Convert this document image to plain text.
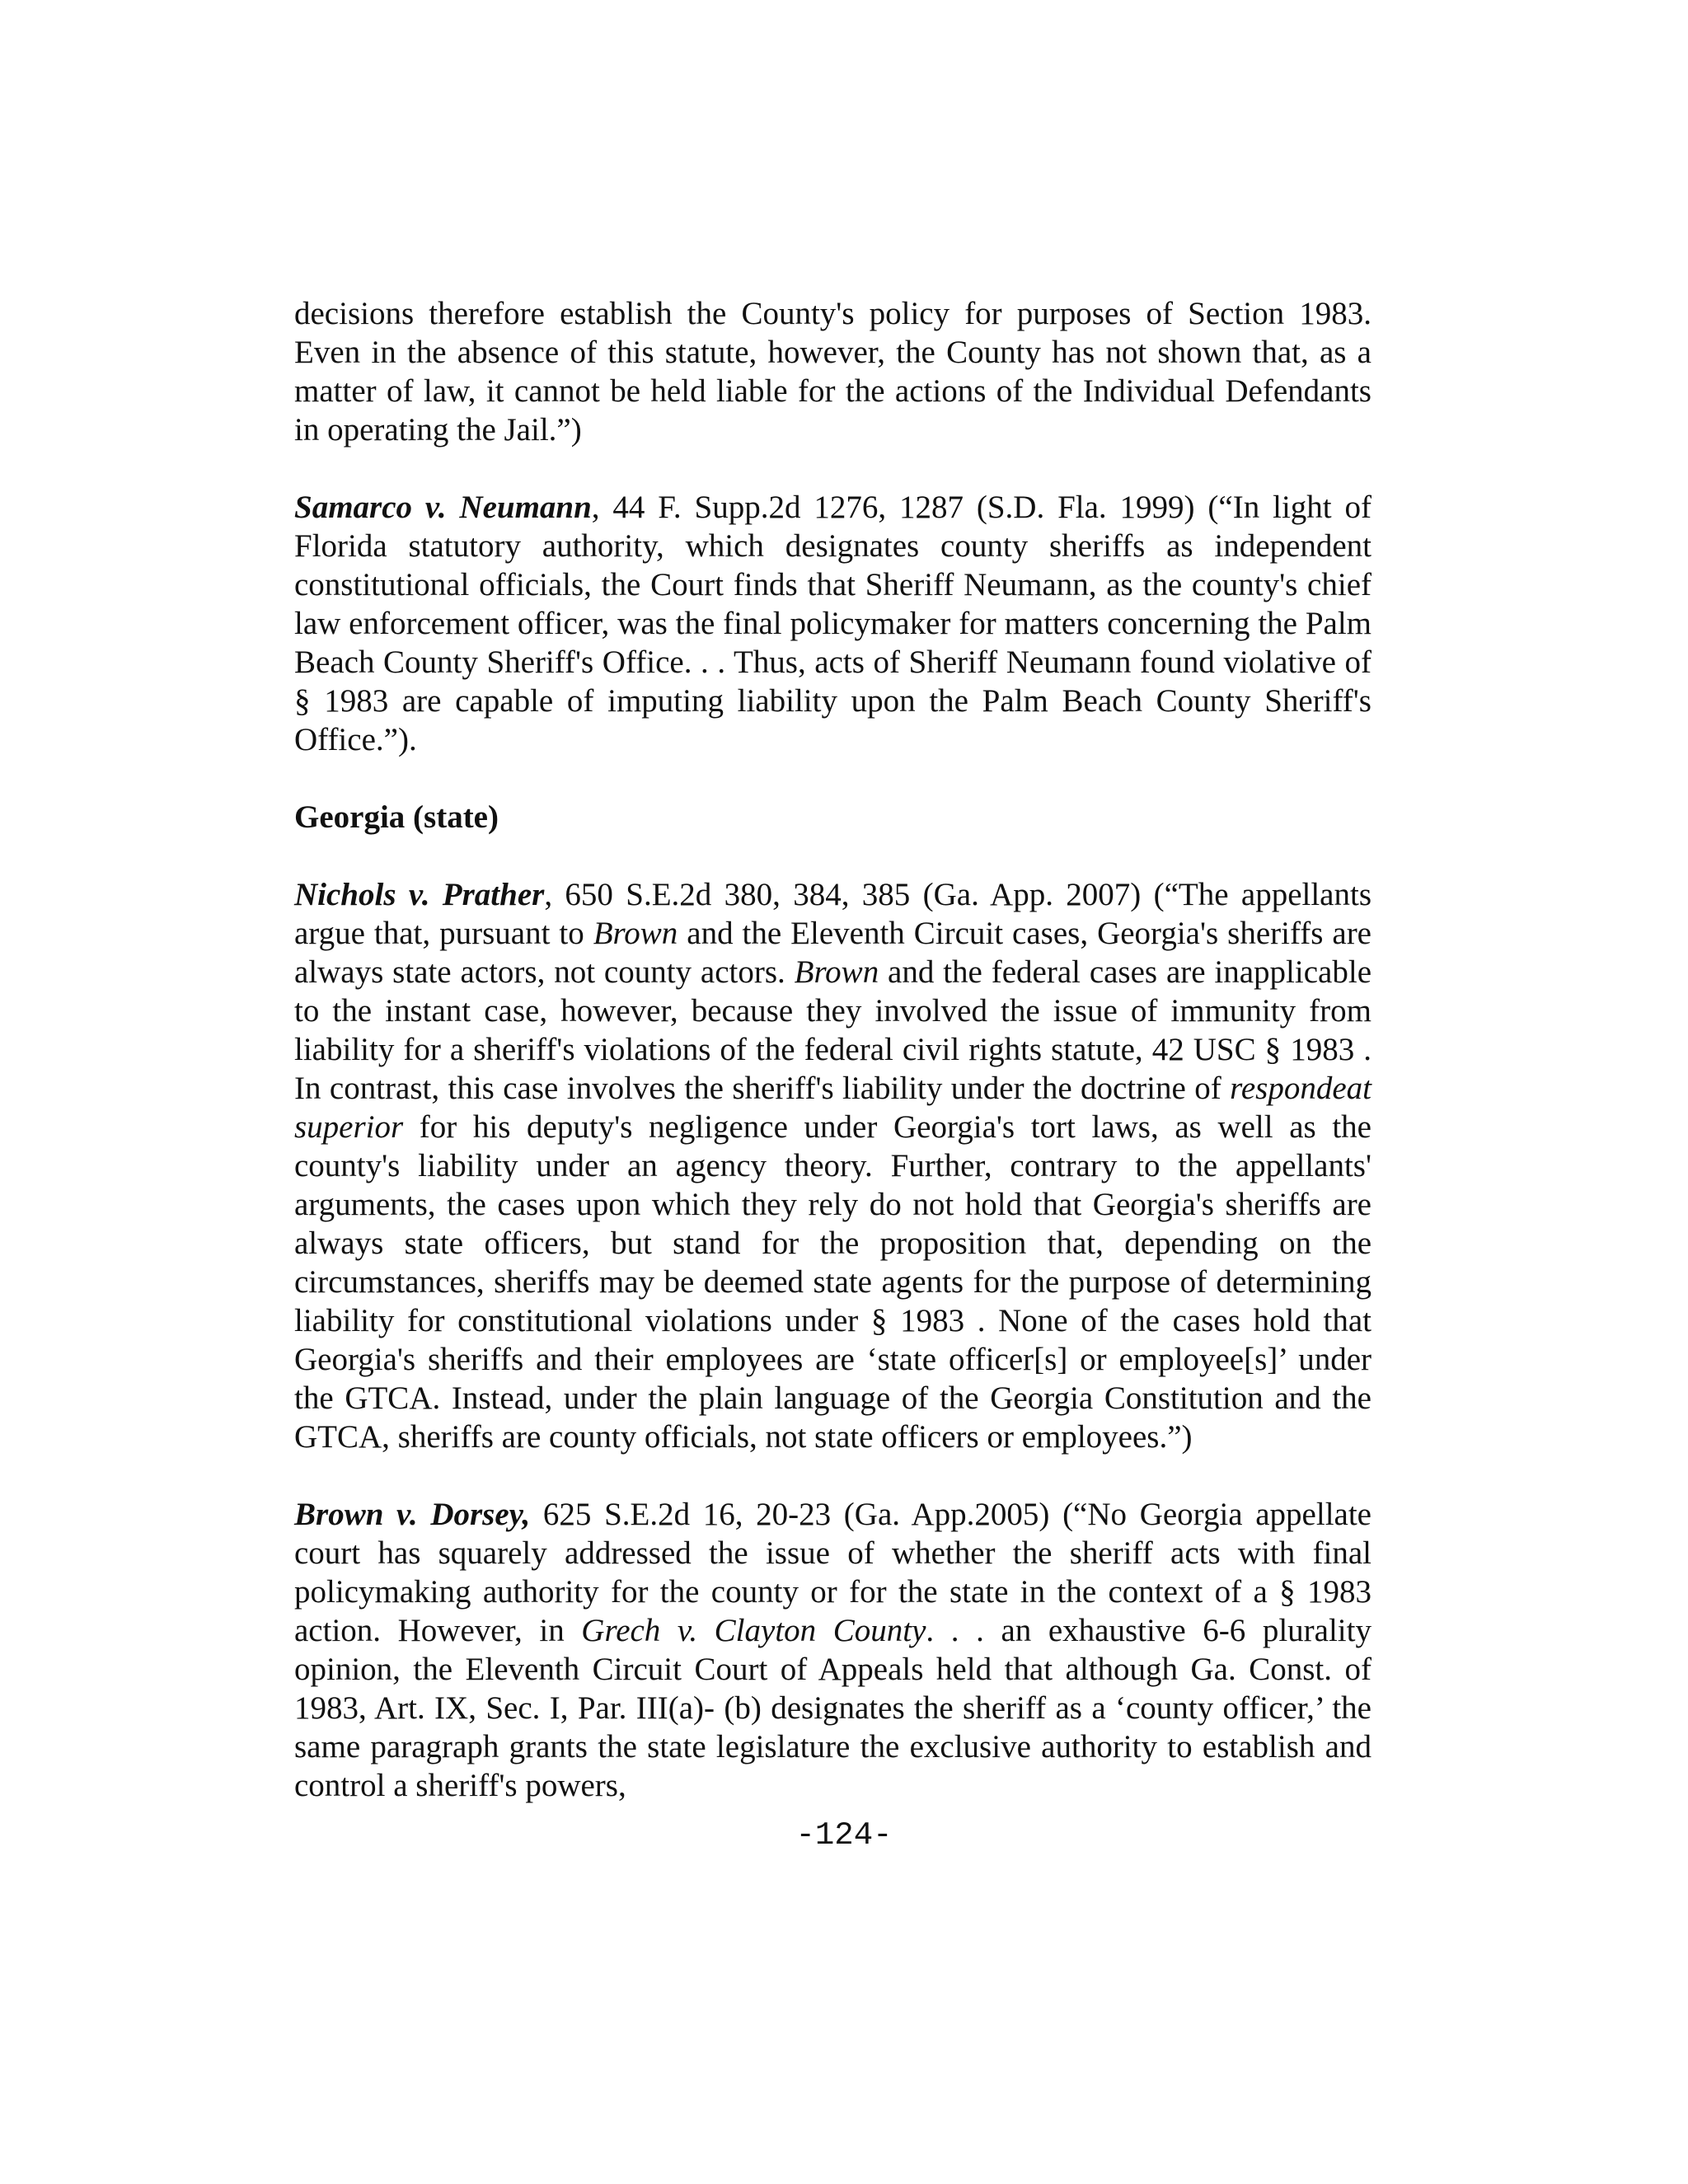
decisions therefore establish the County's policy for purposes of Section 1983. Even in the absence of this statute, however, the County has not shown that, as a matter of law, it cannot be held liable for the actions of the Individual Defendants in operating the Jail.”)

Samarco v. Neumann, 44 F. Supp.2d 1276, 1287 (S.D. Fla. 1999) (“In light of Florida statutory authority, which designates county sheriffs as independent constitutional officials, the Court finds that Sheriff Neumann, as the county's chief law enforcement officer, was the final policymaker for matters concerning the Palm Beach County Sheriff's Office. . . Thus, acts of Sheriff Neumann found violative of § 1983 are capable of imputing liability upon the Palm Beach County Sheriff's Office.”).

Georgia (state)

Nichols v. Prather, 650 S.E.2d 380, 384, 385 (Ga. App. 2007) (“The appellants argue that, pursuant to Brown and the Eleventh Circuit cases, Georgia's sheriffs are always state actors, not county actors. Brown and the federal cases are inapplicable to the instant case, however, because they involved the issue of immunity from liability for a sheriff's violations of the federal civil rights statute, 42 USC § 1983 . In contrast, this case involves the sheriff's liability under the doctrine of respondeat superior for his deputy's negligence under Georgia's tort laws, as well as the county's liability under an agency theory. Further, contrary to the appellants' arguments, the cases upon which they rely do not hold that Georgia's sheriffs are always state officers, but stand for the proposition that, depending on the circumstances, sheriffs may be deemed state agents for the purpose of determining liability for constitutional violations under § 1983 . None of the cases hold that Georgia's sheriffs and their employees are ‘state officer[s] or employee[s]’ under the GTCA. Instead, under the plain language of the Georgia Constitution and the GTCA, sheriffs are county officials, not state officers or employees.”)

Brown v. Dorsey, 625 S.E.2d 16, 20-23 (Ga. App.2005) (“No Georgia appellate court has squarely addressed the issue of whether the sheriff acts with final policymaking authority for the county or for the state in the context of a § 1983 action. However, in Grech v. Clayton County. . . an exhaustive 6-6 plurality opinion, the Eleventh Circuit Court of Appeals held that although Ga. Const. of 1983, Art. IX, Sec. I, Par. III(a)- (b) designates the sheriff as a ‘county officer,’ the same paragraph grants the state legislature the exclusive authority to establish and control a sheriff's powers,

-124-
